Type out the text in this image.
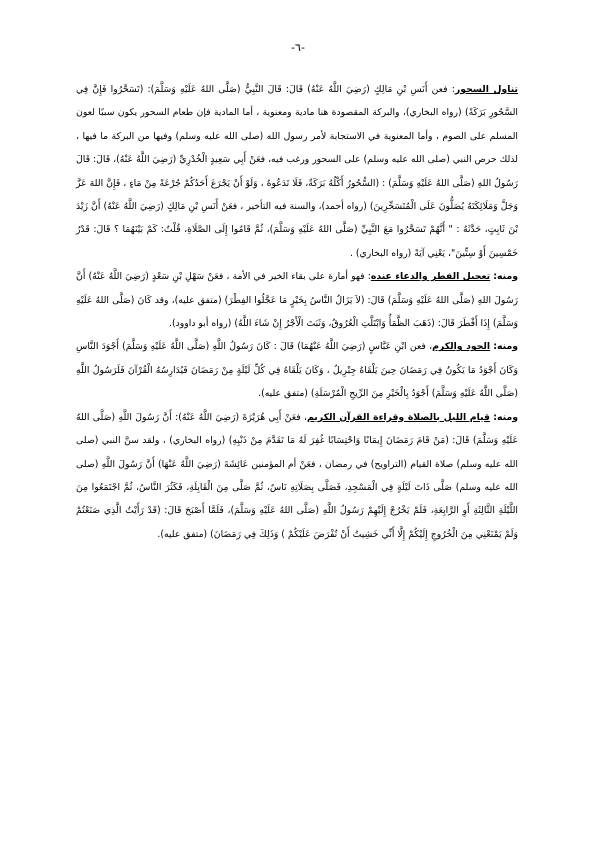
-٦-

تناول السحور: فعن أَنَسِ بْنِ مَالِكٍ (رَضِيَ اللَّهُ عَنْهُ) قَالَ: قَالَ النَّبِيُّ (صَلَّى اللهُ عَلَيْهِ وَسَلَّمَ): (تَسَحَّرُوا فَإِنَّ فِي السَّحُورِ بَرَكَةً) (رواه البخاري)، والبركة المقصودة هنا مادية ومعنوية ، أما المادية فإن طعام السحور يكون سببًا لعون المسلم على الصوم ، وأما المعنوية في الاستجابة لأمر رسول الله (صلى الله عليه وسلم) وفيها من البركة ما فيها ، لذلك حرص النبي (صلى الله عليه وسلم) على السحور ورغب فيه، فعَنْ أَبِي سَعِيدٍ الْخُدْرِيِّ (رَضِيَ اللَّهُ عَنْهُ)، قَالَ: قَالَ رَسُولُ اللهِ (صَلَّى اللهُ عَلَيْهِ وَسَلَّمَ) : (السُّحُورُ أَكْلُهُ بَرَكَةٌ، فَلَا تَدَعُوهُ ، وَلَوْ أَنْ يَجْرَعَ أَحَدُكُمْ جُرْعَةً مِنْ مَاءٍ ، فَإِنَّ اللهَ عَزَّ وَجَلَّ وَمَلَائِكَتَهُ يُصَلُّونَ عَلَى الْمُتَسَحِّرِينَ) (رواه أحمد)، والسنة فيه التأخير ، فعَنْ أَنَسِ بْنِ مَالِكٍ (رَضِيَ اللَّهُ عَنْهُ) أَنَّ زَيْدَ بْنَ ثَابِتٍ، حَدَّثَهُ : " أَنَّهُمْ تَسَحَّرُوا مَعَ النَّبِيِّ (صَلَّى اللهُ عَلَيْهِ وَسَلَّمَ)، ثُمَّ قَامُوا إِلَى الصَّلَاةِ، قُلْتُ: كَمْ بَيْنَهُمَا ؟ قَالَ: قَدْرُ خَمْسِينَ أَوْ سِتِّينَ"، يَعْنِي آيَةً (رواه البخاري) .

ومنه: تعجيل الفطر والدعاء عنده: فهو أمارة على بقاء الخير في الأمة ، فعَنْ سَهْلِ بْنِ سَعْدٍ (رَضِيَ اللَّهُ عَنْهُ) أَنَّ رَسُولَ اللهِ (صَلَّى اللهُ عَلَيْهِ وَسَلَّمَ) قَالَ: (لاَ يَزَالُ النَّاسُ بِخَيْرٍ مَا عَجَّلُوا الفِطْرَ) (متفق عليه)، وقد كَانَ (صَلَّى اللهُ عَلَيْهِ وَسَلَّمَ) إِذَا أَفْطَرَ قَالَ: (ذَهَبَ الظَّمَأُ وَابْتَلَّتِ الْعُرُوقُ، وَثَبَتَ الْأَجْرُ إِنْ شَاءَ اللَّهُ) (رواه أبو داوود).

ومنه: الجود والكرم، فعن ابْنِ عَبَّاسٍ (رَضِيَ اللَّهُ عَنْهُمَا) قَالَ : كَانَ رَسُولُ اللَّهِ (صَلَّى اللَّهُ عَلَيْهِ وَسَلَّمَ) أَجْوَدَ النَّاسِ وَكَانَ أَجْوَدُ مَا يَكُونُ فِي رَمَضَانَ حِينَ يَلْقَاهُ جِبْرِيلُ ، وَكَانَ يَلْقَاهُ فِي كُلِّ لَيْلَةٍ مِنْ رَمَضَانَ فَيُدَارِسُهُ الْقُرْآنَ فَلَرَسُولُ اللَّهِ (صَلَّى اللَّهُ عَلَيْهِ وَسَلَّمَ) أَجْوَدُ بِالْخَيْرِ مِنَ الرِّيحِ الْمُرْسَلَةِ) (متفق عليه).

ومنه: قيام الليل بالصلاة وقراءة القرآن الكريم، فعَنْ أَبِي هُرَيْرَةَ (رَضِيَ اللَّهُ عَنْهُ): أَنَّ رَسُولَ اللَّهِ (صَلَّى اللهُ عَلَيْهِ وَسَلَّمَ) قَالَ: (مَنْ قَامَ رَمَضَانَ إِيمَانًا وَاحْتِسَابًا غُفِرَ لَهُ مَا تَقَدَّمَ مِنْ ذَنْبِهِ) (رواه البخاري) ، ولقد سنَّ النبي (صلى الله عليه وسلم) صلاة القيام (التراويح) في رمضان ، فعَنْ أم المؤمنين عَائِشَةَ (رَضِيَ اللَّهُ عَنْهَا) أَنَّ رَسُولَ اللَّهِ (صلى الله عليه وسلم) صَلَّى ذَاتَ لَيْلَةٍ فِي الْمَسْجِدِ، فَصَلَّى بِصَلَاتِهِ نَاسٌ، ثُمَّ صَلَّى مِنَ الْقَابِلَةِ، فَكَثُرَ النَّاسُ، ثُمَّ اجْتَمَعُوا مِنَ اللَّيْلَةِ الثَّالِثَةِ أَوِ الرَّابِعَةِ، فَلَمْ يَخْرُجْ إِلَيْهِمْ رَسُولُ اللَّهِ (صَلَّى اللهُ عَلَيْهِ وَسَلَّمَ)، فَلَمَّا أَصْبَحَ قَالَ: (قَدْ رَأَيْتُ الَّذِي صَنَعْتُمْ وَلَمْ يَمْنَعْنِي مِنَ الْخُرُوجِ إِلَيْكُمْ إِلَّا أَنِّي خَشِيتُ أَنْ تُفْرَضَ عَلَيْكُمْ ) وَذَلِكَ فِي رَمَضَانَ) (متفق عليه).
